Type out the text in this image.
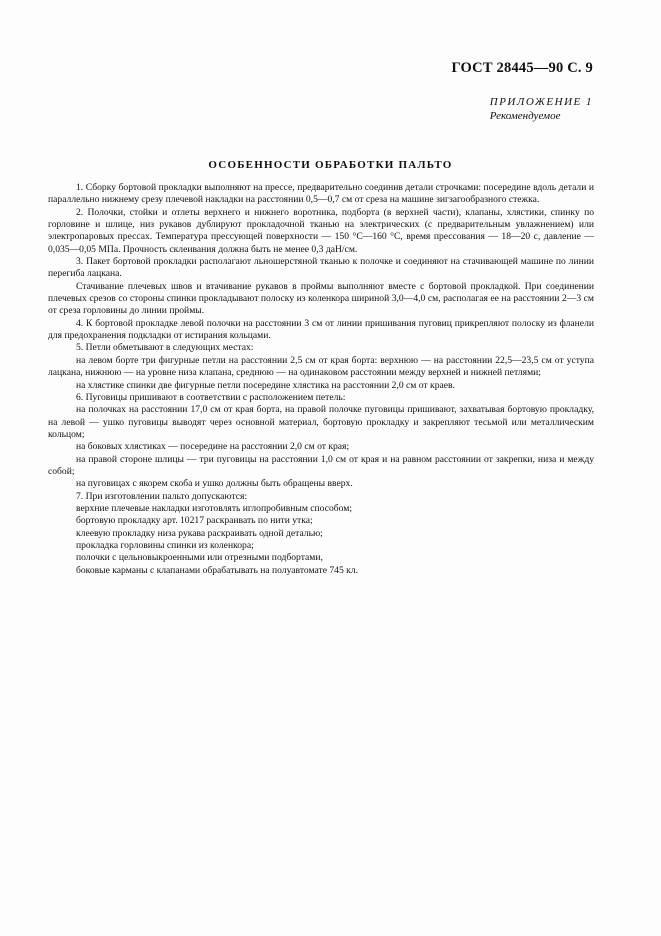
ГОСТ 28445—90 С. 9
ПРИЛОЖЕНИЕ 1
Рекомендуемое
ОСОБЕННОСТИ ОБРАБОТКИ ПАЛЬТО

1. Сборку бортовой прокладки выполняют на прессе, предварительно соединив детали строчками: посередине вдоль детали и параллельно нижнему срезу плечевой накладки на расстоянии 0,5—0,7 см от среза на машине зигзагообразного стежка.

2. Полочки, стойки и отлеты верхнего и нижнего воротника, подборта (в верхней части), клапаны, хлястики, спинку по горловине и шлице, низ рукавов дублируют прокладочной тканью на электрических (с предварительным увлажнением) или электропаровых прессах. Температура прессующей поверхности — 150 °С—160 °С, время прессования — 18—20 с, давление — 0,035—0,05 МПа. Прочность склеивания должна быть не менее 0,3 даН/см.

3. Пакет бортовой прокладки располагают льношерстяной тканью к полочке и соединяют на стачивающей машине по линии перегиба лацкана.

Стачивание плечевых швов и втачивание рукавов в проймы выполняют вместе с бортовой прокладкой. При соединении плечевых срезов со стороны спинки прокладывают полоску из коленкора шириной 3,0—4,0 см, располагая ее на расстоянии 2—3 см от среза горловины до линии проймы.

4. К бортовой прокладке левой полочки на расстоянии 3 см от линии пришивания пуговиц прикрепляют полоску из фланели для предохранения подкладки от истирания кольцами.

5. Петли обметывают в следующих местах:

на левом борте три фигурные петли на расстоянии 2,5 см от края борта: верхнюю — на расстоянии 22,5—23,5 см от уступа лацкана, нижнюю — на уровне низа клапана, среднюю — на одинаковом расстоянии между верхней и нижней петлями;

на хлястике спинки две фигурные петли посередине хлястика на расстоянии 2,0 см от краев.

6. Пуговицы пришивают в соответствии с расположением петель:

на полочках на расстоянии 17,0 см от края борта, на правой полочке пуговицы пришивают, захватывая бортовую прокладку, на левой — ушко пуговицы выводят через основной материал, бортовую прокладку и закрепляют тесьмой или металлическим кольцом;

на боковых хлястиках — посередине на расстоянии 2,0 см от края;

на правой стороне шлицы — три пуговицы на расстоянии 1,0 см от края и на равном расстоянии от закрепки, низа и между собой;

на пуговицах с якорем скоба и ушко должны быть обращены вверх.

7. При изготовлении пальто допускаются:

верхние плечевые накладки изготовлять иглопробивным способом;

бортовую прокладку арт. 10217 раскраивать по нити утка;

клеевую прокладку низа рукава раскраивать одной деталью;

прокладка горловины спинки из коленкора;

полочки с цельновыкроенными или отрезными подбортами,

боковые карманы с клапанами обрабатывать на полуавтомате 745 кл.
